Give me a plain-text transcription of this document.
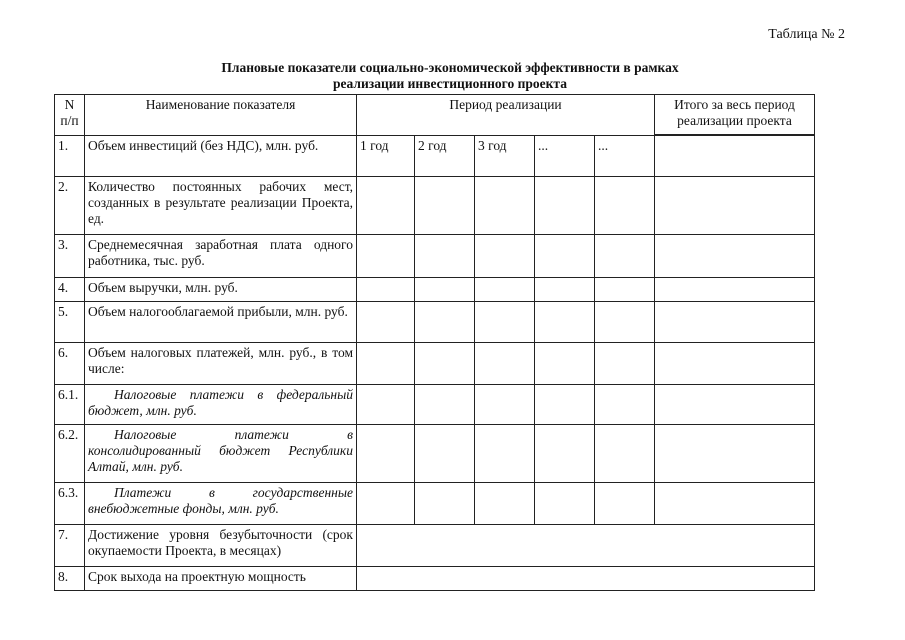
Таблица № 2
Плановые показатели социально-экономической эффективности в рамках реализации инвестиционного проекта
N п/п	Наименование показателя	Период реализации					Итого за весь период реализации проекта

1.	Объем инвестиций (без НДС), млн. руб.	1 год	2 год	3 год	...	...	
2.	Количество постоянных рабочих мест, созданных в результате реализации Проекта, ед.						
3.	Среднемесячная заработная плата одного работника, тыс. руб.						
4.	Объем выручки, млн. руб.						
5.	Объем налогооблагаемой прибыли, млн. руб.						
6.	Объем налоговых платежей, млн. руб., в том числе:						
6.1.	Налоговые платежи в федеральный бюджет, млн. руб.						
6.2.	Налоговые платежи в консолидированный бюджет Республики Алтай, млн. руб.						
6.3.	Платежи в государственные внебюджетные фонды, млн. руб.						
7.	Достижение уровня безубыточности (срок окупаемости Проекта, в месяцах)						
8.	Срок выхода на проектную мощность						
